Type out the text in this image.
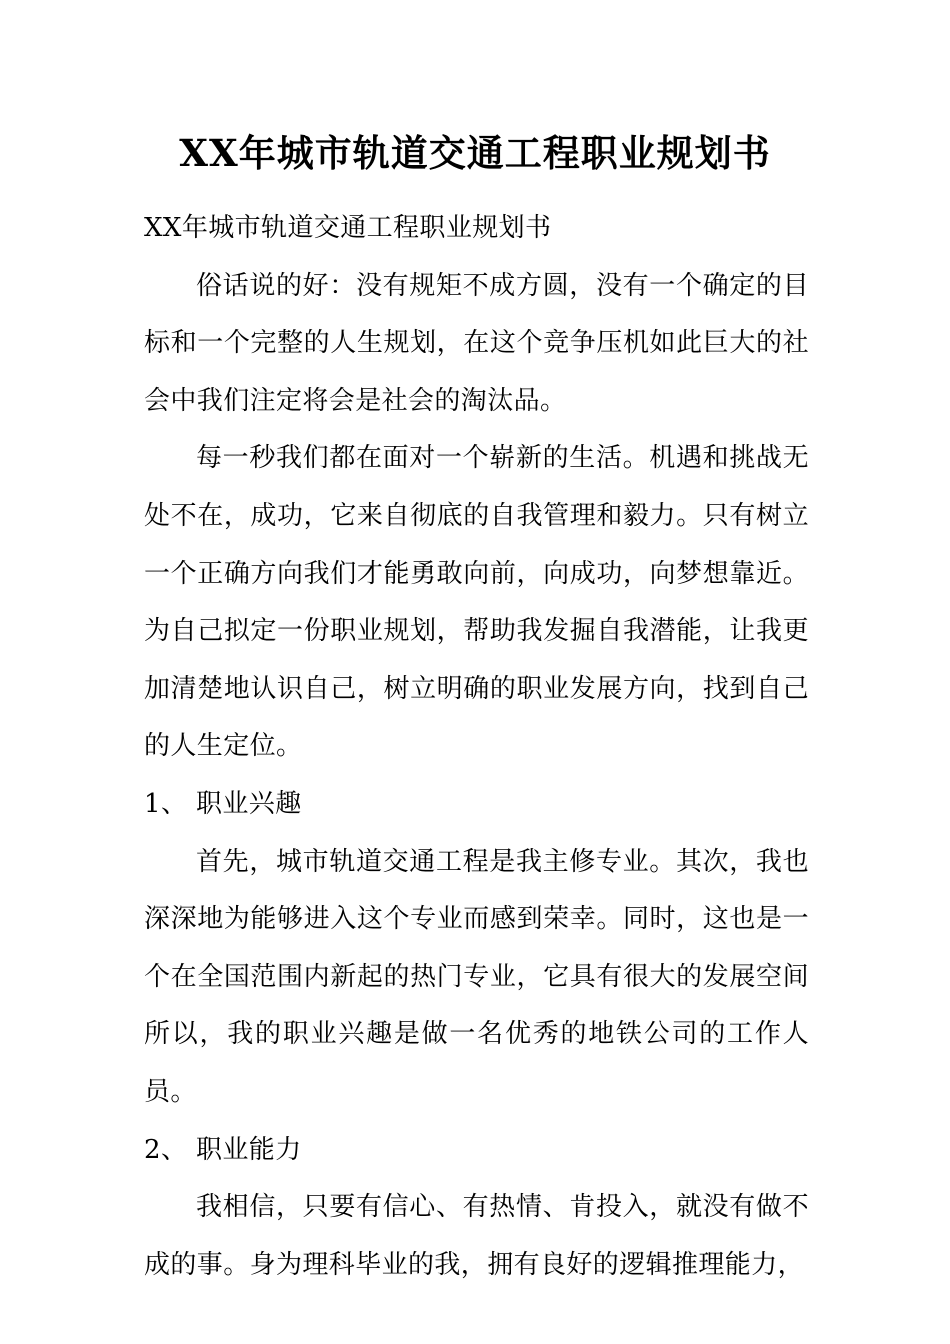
XX年城市轨道交通工程职业规划书

XX年城市轨道交通工程职业规划书

俗话说的好：没有规矩不成方圆，没有一个确定的目标和一个完整的人生规划，在这个竞争压机如此巨大的社会中我们注定将会是社会的淘汰品。

每一秒我们都在面对一个崭新的生活。机遇和挑战无处不在，成功，它来自彻底的自我管理和毅力。只有树立一个正确方向我们才能勇敢向前，向成功，向梦想靠近。为自己拟定一份职业规划，帮助我发掘自我潜能，让我更加清楚地认识自己，树立明确的职业发展方向，找到自己的人生定位。

1、 职业兴趣

首先，城市轨道交通工程是我主修专业。其次，我也深深地为能够进入这个专业而感到荣幸。同时，这也是一个在全国范围内新起的热门专业，它具有很大的发展空间所以，我的职业兴趣是做一名优秀的地铁公司的工作人员。

2、 职业能力

我相信，只要有信心、有热情、肯投入，就没有做不成的事。身为理科毕业的我，拥有良好的逻辑推理能力，
